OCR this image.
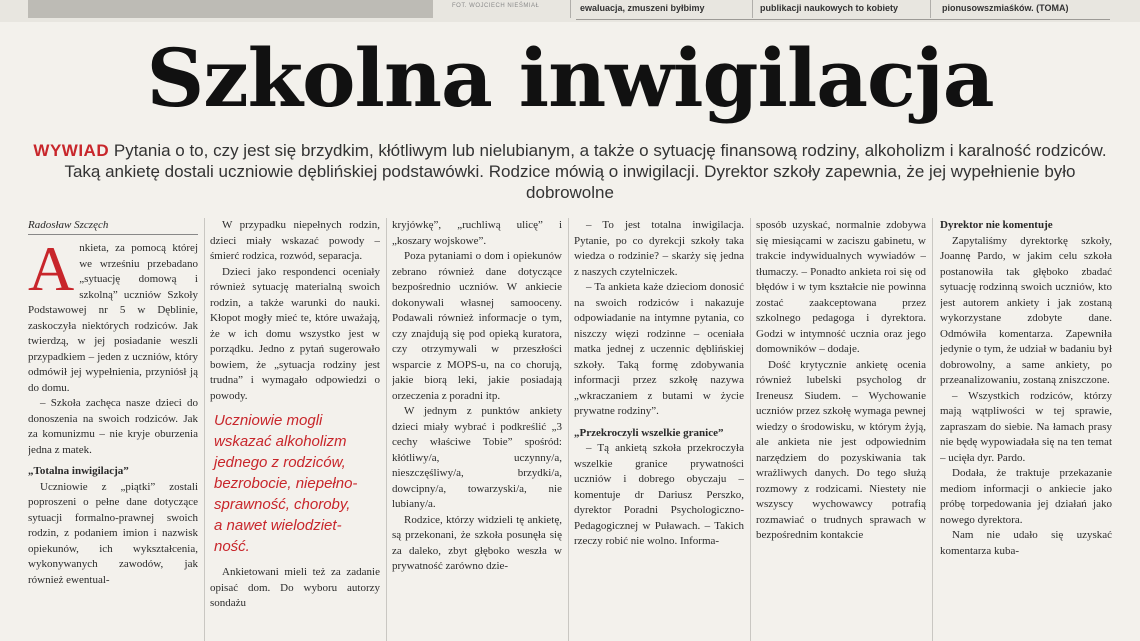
FOT. WOJCIECH NIEŚMIAŁ	ewaluacja, zmuszeni byłbimy	publikacji naukowych to kobiety	pionusowszmiaśków. (TOMA)
Szkolna inwigilacja
WYWIAD Pytania o to, czy jest się brzydkim, kłótliwym lub nielubianym, a także o sytuację finansową rodziny, alkoholizm i karalność rodziców. Taką ankietę dostali uczniowie dęblińskiej podstawówki. Rodzice mówią o inwigilacji. Dyrektor szkoły zapewnia, że jej wypełnienie było dobrowolne
Radosław Szczęch

Ankieta, za pomocą której we wrześniu przebadano „sytuację domową i szkolną” uczniów Szkoły Podstawowej nr 5 w Dęblinie, zaskoczyła niektórych rodziców. Jak twierdzą, w jej posiadanie weszli przypadkiem – jeden z uczniów, który odmówił jej wypełnienia, przyniósł ją do domu.

– Szkoła zachęca nasze dzieci do donoszenia na swoich rodziców. Jak za komunizmu – nie kryje oburzenia jedna z matek.

„Totalna inwigilacja”

Uczniowie z „piątki” zostali poproszeni o pełne dane dotyczące sytuacji formalno-prawnej swoich rodzin, z podaniem imion i nazwisk opiekunów, ich wykształcenia, wykonywanych zawodów, jak również ewentual-

W przypadku niepełnych rodzin, dzieci miały wskazać powody – śmierć rodzica, rozwód, separacja.

Dzieci jako respondenci oceniały również sytuację materialną swoich rodzin, a także warunki do nauki. Kłopot mogły mieć te, które uważają, że w ich domu wszystko jest w porządku. Jedno z pytań sugerowało bowiem, że „sytuacja rodziny jest trudna” i wymagało odpowiedzi o powody.

Uczniowie mogli
wskazać alkoholizm
jednego z rodziców,
bezrobocie, niepełno-
sprawność, choroby,
a nawet wielodziet-
ność.

Ankietowani mieli też za zadanie opisać dom. Do wyboru autorzy sondażu

kryjówkę”, „ruchliwą ulicę” i „koszary wojskowe”.

Poza pytaniami o dom i opiekunów zebrano również dane dotyczące bezpośrednio uczniów. W ankiecie dokonywali własnej samooceny. Podawali również informacje o tym, czy znajdują się pod opieką kuratora, czy otrzymywali w przeszłości wsparcie z MOPS-u, na co chorują, jakie biorą leki, jakie posiadają orzeczenia z poradni itp.

W jednym z punktów ankiety dzieci miały wybrać i podkreślić „3 cechy właściwe Tobie” spośród: kłótliwy/a, uczynny/a, nieszczęśliwy/a, brzydki/a, dowcipny/a, towarzyski/a, nie lubiany/a.

Rodzice, którzy widzieli tę ankietę, są przekonani, że szkoła posunęła się za daleko, zbyt głęboko weszła w prywatność zarówno dzie-

– To jest totalna inwigilacja. Pytanie, po co dyrekcji szkoły taka wiedza o rodzinie? – skarży się jedna z naszych czytelniczek.

– Ta ankieta każe dzieciom donosić na swoich rodziców i nakazuje odpowiadanie na intymne pytania, co niszczy więzi rodzinne – oceniała matka jednej z uczennic dęblińskiej szkoły. Taką formę zdobywania informacji przez szkołę nazywa „wkraczaniem z butami w życie prywatne rodziny”.

„Przekroczyli wszelkie granice”

– Tą ankietą szkoła przekroczyła wszelkie granice prywatności uczniów i dobrego obyczaju – komentuje dr Dariusz Perszko, dyrektor Poradni Psychologiczno-Pedagogicznej w Puławach. – Takich rzeczy robić nie wolno. Informa-

sposób uzyskać, normalnie zdobywa się miesiącami w zaciszu gabinetu, w trakcie indywidualnych wywiadów – tłumaczy. – Ponadto ankieta roi się od błędów i w tym kształcie nie powinna zostać zaakceptowana przez szkolnego pedagoga i dyrektora. Godzi w intymność ucznia oraz jego domowników – dodaje.

Dość krytycznie ankietę ocenia również lubelski psycholog dr Ireneusz Siudem. – Wychowanie uczniów przez szkołę wymaga pewnej wiedzy o środowisku, w którym żyją, ale ankieta nie jest odpowiednim narzędziem do pozyskiwania tak wrażliwych danych. Do tego służą rozmowy z rodzicami. Niestety nie wszyscy wychowawcy potrafią rozmawiać o trudnych sprawach w bezpośrednim kontakcie

Dyrektor nie komentuje

Zapytaliśmy dyrektorkę szkoły, Joannę Pardo, w jakim celu szkoła postanowiła tak głęboko zbadać sytuację rodzinną swoich uczniów, kto jest autorem ankiety i jak zostaną wykorzystane zdobyte dane. Odmówiła komentarza. Zapewniła jedynie o tym, że udział w badaniu był dobrowolny, a same ankiety, po przeanalizowaniu, zostaną zniszczone.

– Wszystkich rodziców, którzy mają wątpliwości w tej sprawie, zapraszam do siebie. Na łamach prasy nie będę wypowiadała się na ten temat – ucięła dyr. Pardo.

Dodała, że traktuje przekazanie mediom informacji o ankiecie jako próbę torpedowania jej działań jako nowego dyrektora.

Nam nie udało się uzyskać komentarza kuba-
